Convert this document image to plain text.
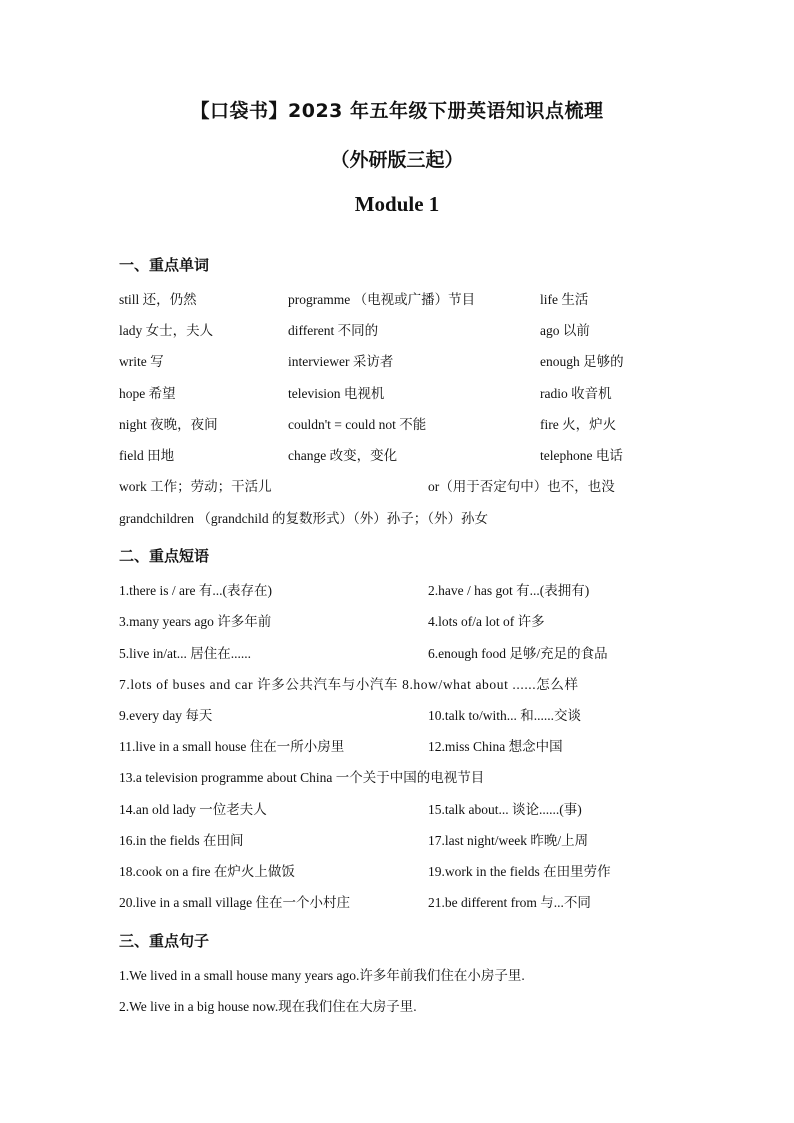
【口袋书】2023 年五年级下册英语知识点梳理
（外研版三起）
Module 1
一、重点单词
still 还，仍然	programme （电视或广播）节目	life 生活
lady 女士，夫人	different 不同的	ago 以前
write 写	interviewer 采访者	enough 足够的
hope 希望	television 电视机	radio 收音机
night 夜晚，夜间	couldn't = could not 不能	fire 火，炉火
field 田地	change 改变，变化	telephone 电话
work 工作；劳动；干活儿	or（用于否定句中）也不，也没
grandchildren （grandchild 的复数形式）（外）孙子；（外）孙女
二、重点短语
1.there is / are 有...(表存在)	2.have / has got 有...(表拥有)
3.many years ago 许多年前	4.lots of/a lot of 许多
5.live in/at... 居住在......	6.enough food 足够/充足的食品
7.lots of buses and car 许多公共汽车与小汽车 8.how/what about ......怎么样
9.every day 每天	10.talk to/with... 和......交谈
11.live in a small house 住在一所小房里	12.miss China 想念中国
13.a television programme about China 一个关于中国的电视节目
14.an old lady 一位老夫人	15.talk about... 谈论......(事)
16.in the fields 在田间	17.last night/week 昨晚/上周
18.cook on a fire 在炉火上做饭	19.work in the fields 在田里劳作
20.live in a small village 住在一个小村庄	21.be different from 与...不同
三、重点句子
1.We lived in a small house many years ago.许多年前我们住在小房子里.
2.We live in a big house now.现在我们住在大房子里.
